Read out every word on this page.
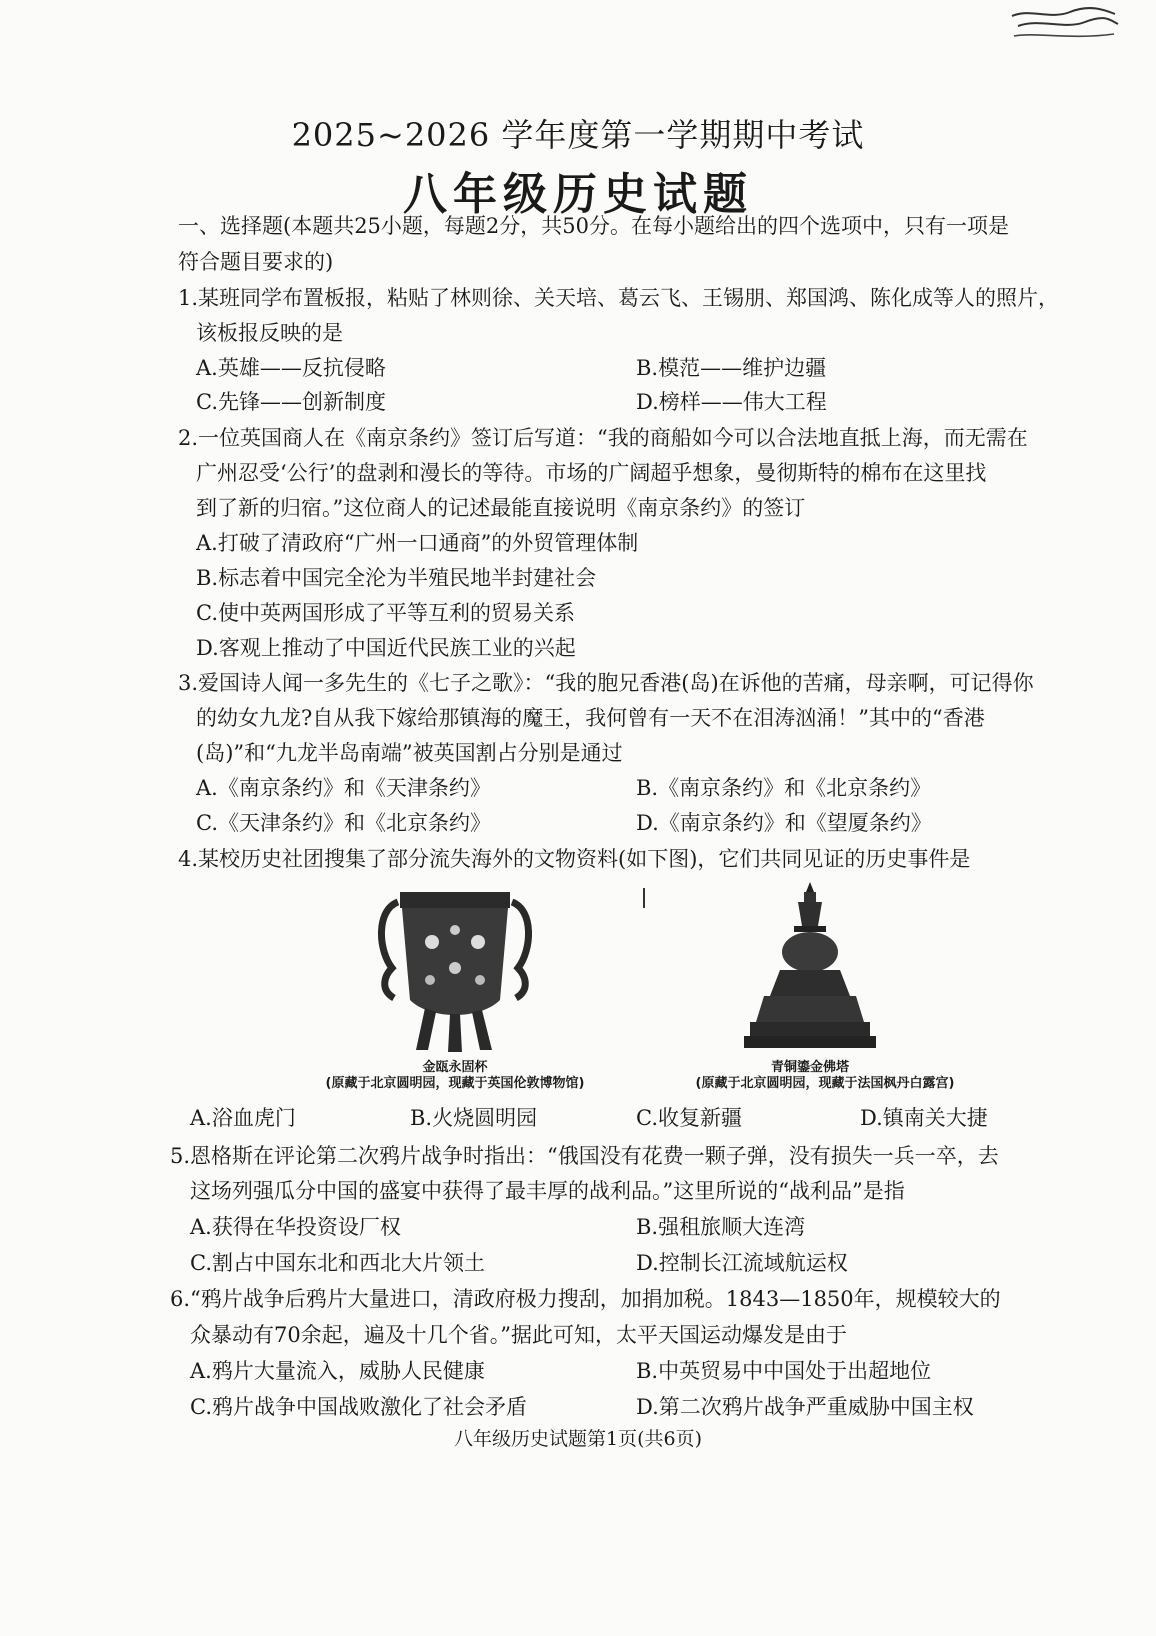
2025~2026 学年度第一学期期中考试
八年级历史试题
一、选择题(本题共25小题，每题2分，共50分。在每小题给出的四个选项中，只有一项是
符合题目要求的)
1.某班同学布置板报，粘贴了林则徐、关天培、葛云飞、王锡朋、郑国鸿、陈化成等人的照片，
该板报反映的是
A.英雄——反抗侵略	B.模范——维护边疆
C.先锋——创新制度	D.榜样——伟大工程
2.一位英国商人在《南京条约》签订后写道：“我的商船如今可以合法地直抵上海，而无需在
广州忍受‘公行’的盘剥和漫长的等待。市场的广阔超乎想象，曼彻斯特的棉布在这里找
到了新的归宿。”这位商人的记述最能直接说明《南京条约》的签订
A.打破了清政府“广州一口通商”的外贸管理体制
B.标志着中国完全沦为半殖民地半封建社会
C.使中英两国形成了平等互利的贸易关系
D.客观上推动了中国近代民族工业的兴起
3.爱国诗人闻一多先生的《七子之歌》：“我的胞兄香港(岛)在诉他的苦痛，母亲啊，可记得你
的幼女九龙?自从我下嫁给那镇海的魔王，我何曾有一天不在泪涛汹涌！”其中的“香港
(岛)”和“九龙半岛南端”被英国割占分别是通过
A.《南京条约》和《天津条约》	B.《南京条约》和《北京条约》
C.《天津条约》和《北京条约》	D.《南京条约》和《望厦条约》
4.某校历史社团搜集了部分流失海外的文物资料(如下图)，它们共同见证的历史事件是
金瓯永固杯
(原藏于北京圆明园，现藏于英国伦敦博物馆)
青铜鎏金佛塔
(原藏于北京圆明园，现藏于法国枫丹白露宫)
A.浴血虎门	B.火烧圆明园	C.收复新疆	D.镇南关大捷
5.恩格斯在评论第二次鸦片战争时指出：“俄国没有花费一颗子弹，没有损失一兵一卒，去
这场列强瓜分中国的盛宴中获得了最丰厚的战利品。”这里所说的“战利品”是指
A.获得在华投资设厂权	B.强租旅顺大连湾
C.割占中国东北和西北大片领土	D.控制长江流域航运权
6.“鸦片战争后鸦片大量进口，清政府极力搜刮，加捐加税。1843—1850年，规模较大的
众暴动有70余起，遍及十几个省。”据此可知，太平天国运动爆发是由于
A.鸦片大量流入，威胁人民健康	B.中英贸易中中国处于出超地位
C.鸦片战争中国战败激化了社会矛盾	D.第二次鸦片战争严重威胁中国主权
八年级历史试题第1页(共6页)
